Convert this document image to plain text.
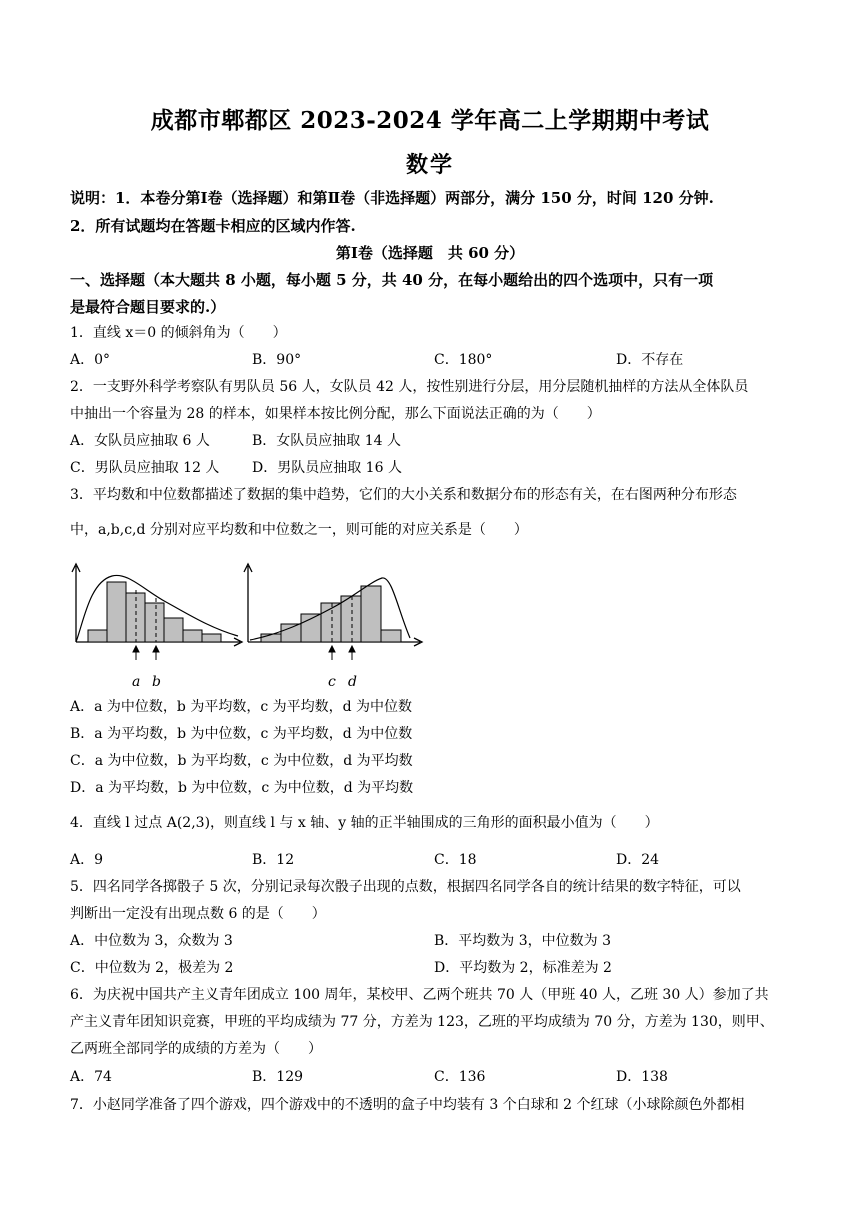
成都市郫都区 2023-2024 学年高二上学期期中考试
数学
说明：1．本卷分第Ⅰ卷（选择题）和第Ⅱ卷（非选择题）两部分，满分 150 分，时间 120 分钟.
2．所有试题均在答题卡相应的区域内作答.
第Ⅰ卷（选择题　共 60 分）
一、选择题（本大题共 8 小题，每小题 5 分，共 40 分，在每小题给出的四个选项中，只有一项
是最符合题目要求的.）
1．直线 x＝0 的倾斜角为（　　）
A．0°	B．90°	C．180°	D．不存在
2．一支野外科学考察队有男队员 56 人，女队员 42 人，按性别进行分层，用分层随机抽样的方法从全体队员
中抽出一个容量为 28 的样本，如果样本按比例分配，那么下面说法正确的为（　　）
A．女队员应抽取 6 人	B．女队员应抽取 14 人
C．男队员应抽取 12 人 D．男队员应抽取 16 人
3．平均数和中位数都描述了数据的集中趋势，它们的大小关系和数据分布的形态有关，在右图两种分布形态
中，a,b,c,d 分别对应平均数和中位数之一，则可能的对应关系是（　　）
a b	c d
A．a 为中位数，b 为平均数，c 为平均数，d 为中位数
B．a 为平均数，b 为中位数，c 为平均数，d 为中位数
C．a 为中位数，b 为平均数，c 为中位数，d 为平均数
D．a 为平均数，b 为中位数，c 为中位数，d 为平均数
4．直线 l 过点 A(2,3)，则直线 l 与 x 轴、y 轴的正半轴围成的三角形的面积最小值为（　　）
A．9	B．12	C．18	D．24
5．四名同学各掷骰子 5 次，分别记录每次骰子出现的点数，根据四名同学各自的统计结果的数字特征，可以
判断出一定没有出现点数 6 的是（　　）
A．中位数为 3，众数为 3	B．平均数为 3，中位数为 3
C．中位数为 2，极差为 2	D．平均数为 2，标准差为 2
6．为庆祝中国共产主义青年团成立 100 周年，某校甲、乙两个班共 70 人（甲班 40 人，乙班 30 人）参加了共
产主义青年团知识竞赛，甲班的平均成绩为 77 分，方差为 123，乙班的平均成绩为 70 分，方差为 130，则甲、
乙两班全部同学的成绩的方差为（　　）
A．74	B．129	C．136	D．138
7．小赵同学准备了四个游戏，四个游戏中的不透明的盒子中均装有 3 个白球和 2 个红球（小球除颜色外都相
